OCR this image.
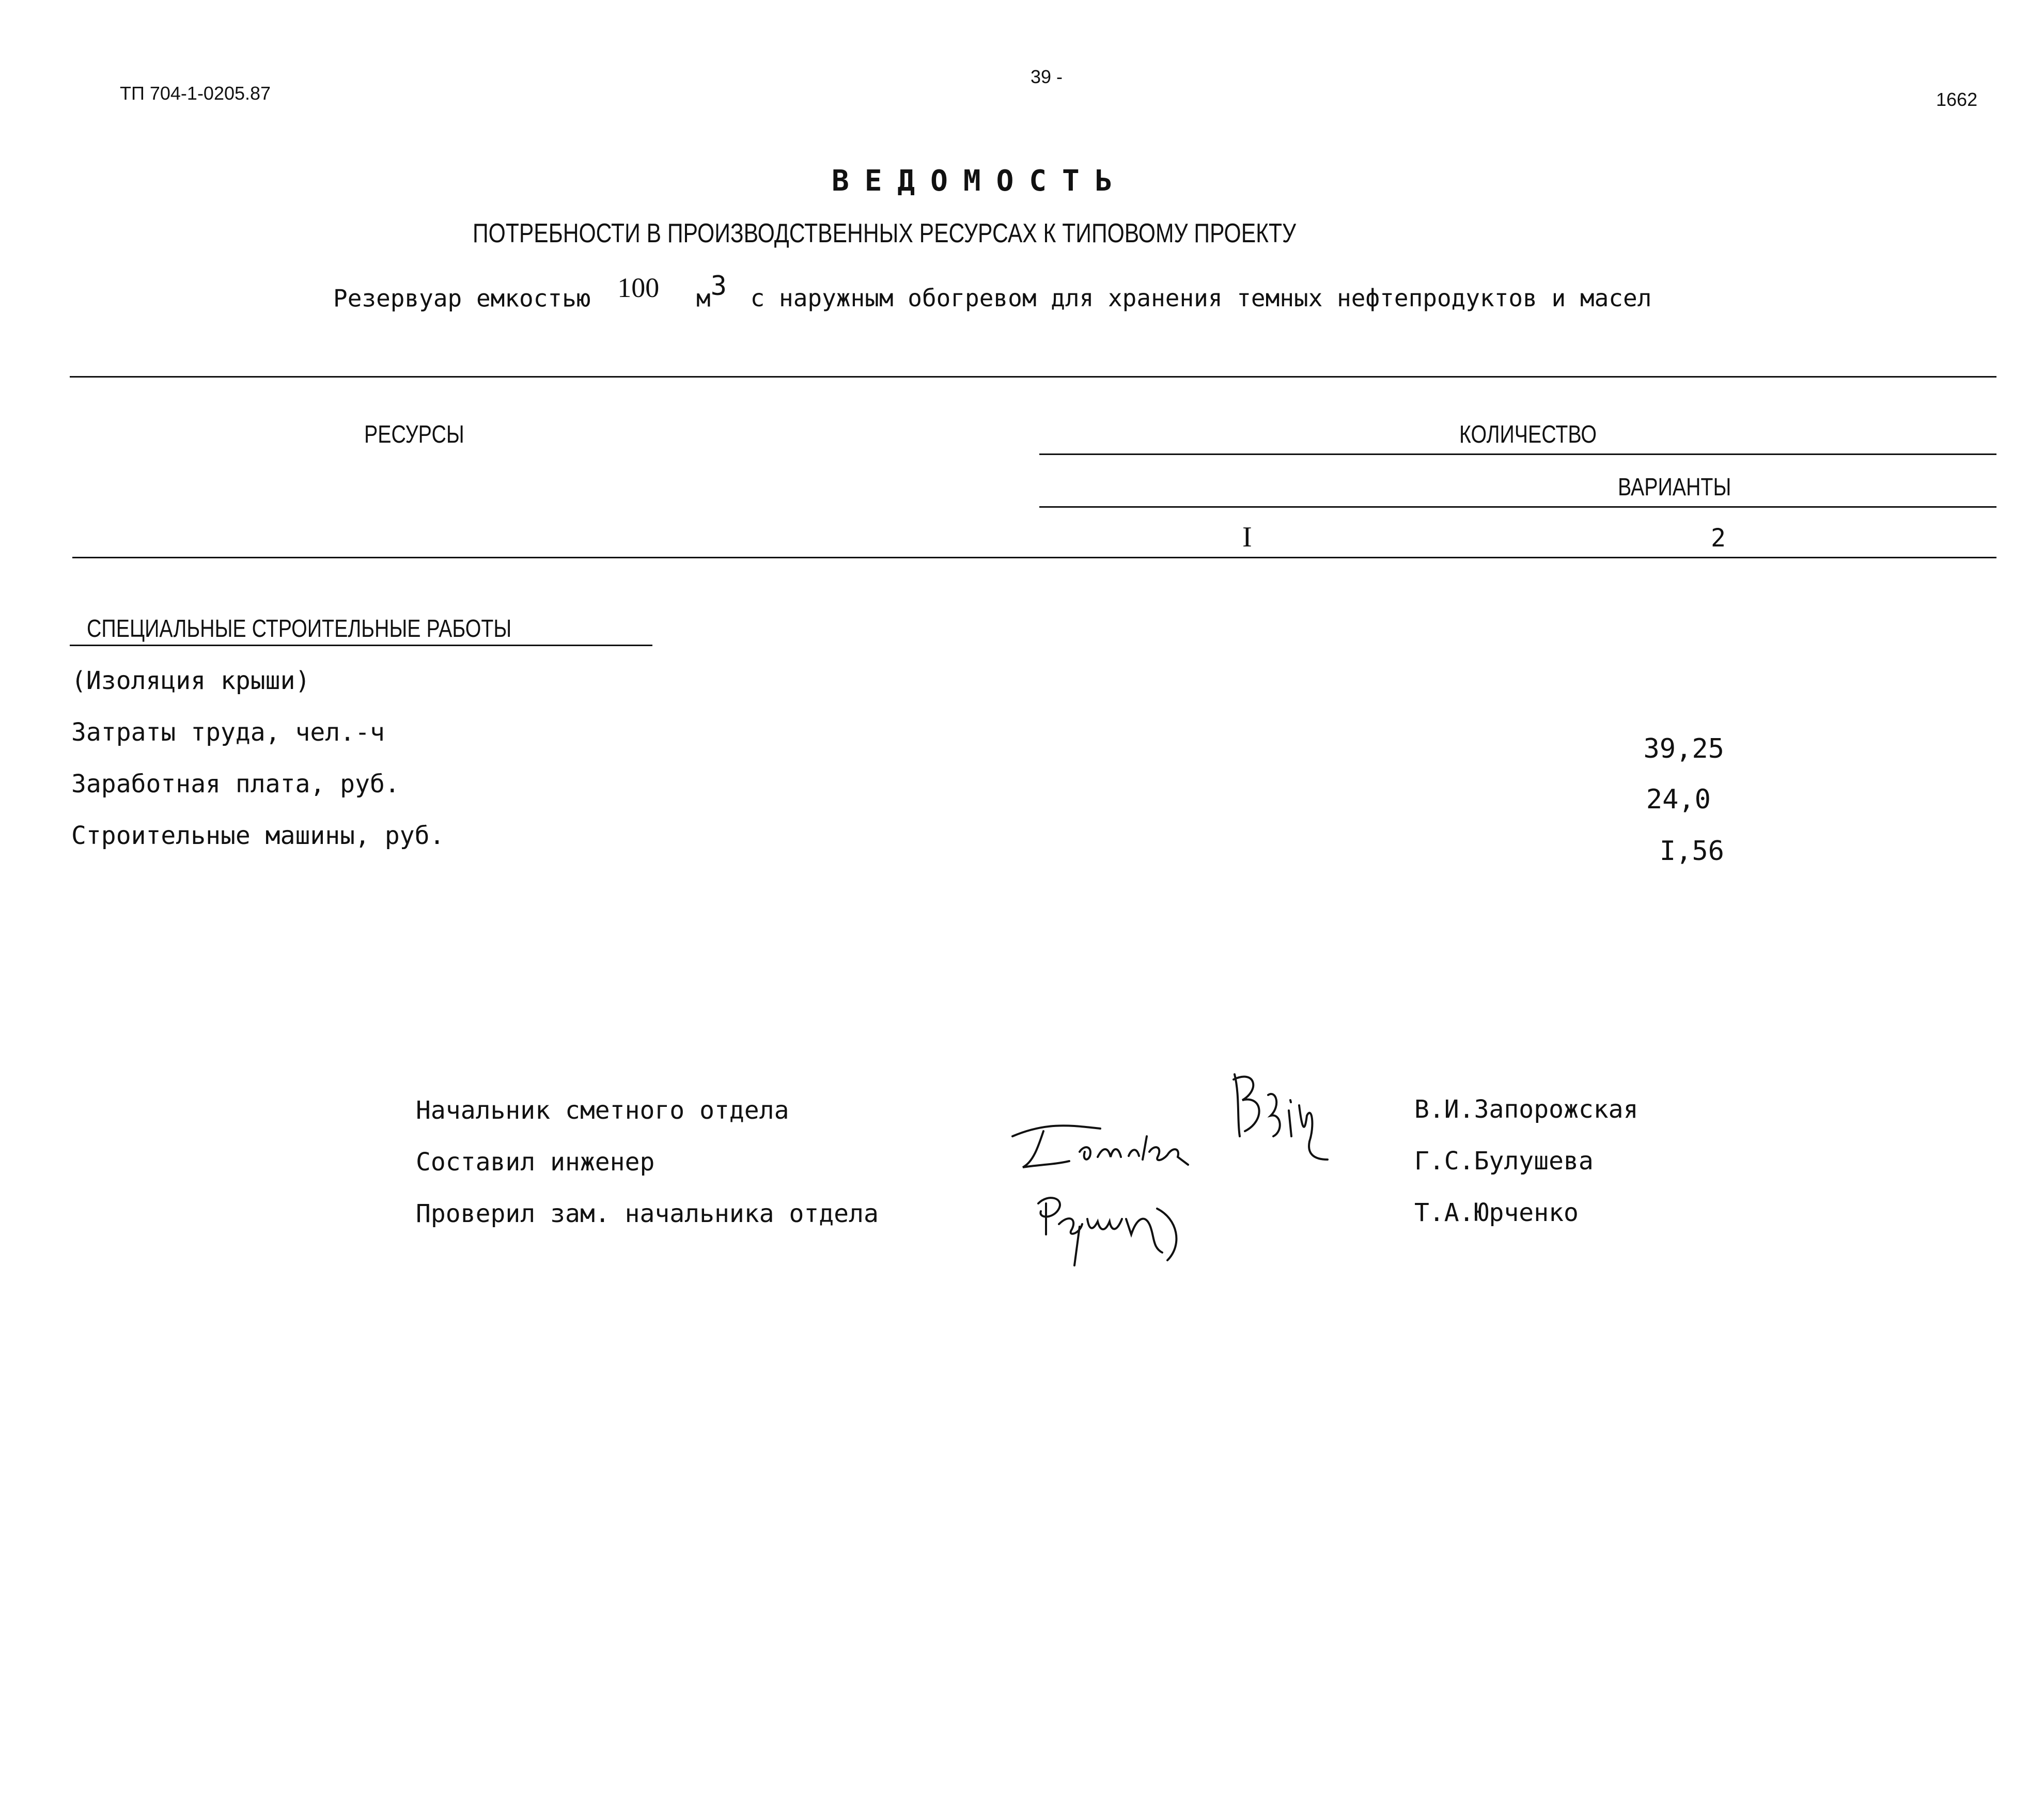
ТП 704-1-0205.87
39 -
1662
ВЕДОМОСТЬ
ПОТРЕБНОСТИ В ПРОИЗВОДСТВЕННЫХ РЕСУРСАХ К ТИПОВОМУ ПРОЕКТУ
Резервуар емкостью 100 $м^3$ с наружным обогревом для хранения темных нефтепродуктов и масел
РЕСУРСЫ	КОЛИЧЕСТВО
ВАРИАНТЫ
I	2
СПЕЦИАЛЬНЫЕ СТРОИТЕЛЬНЫЕ РАБОТЫ
(Изоляция крыши)
Затраты труда, чел.-ч
Заработная плата, руб.
Строительные машины, руб.
39,25
24,0
I,56
Начальник сметного отдела
Составил инженер
Проверил зам. начальника отдела
В.И.Запорожская
Г.С.Булушева
Т.А.Юрченко
